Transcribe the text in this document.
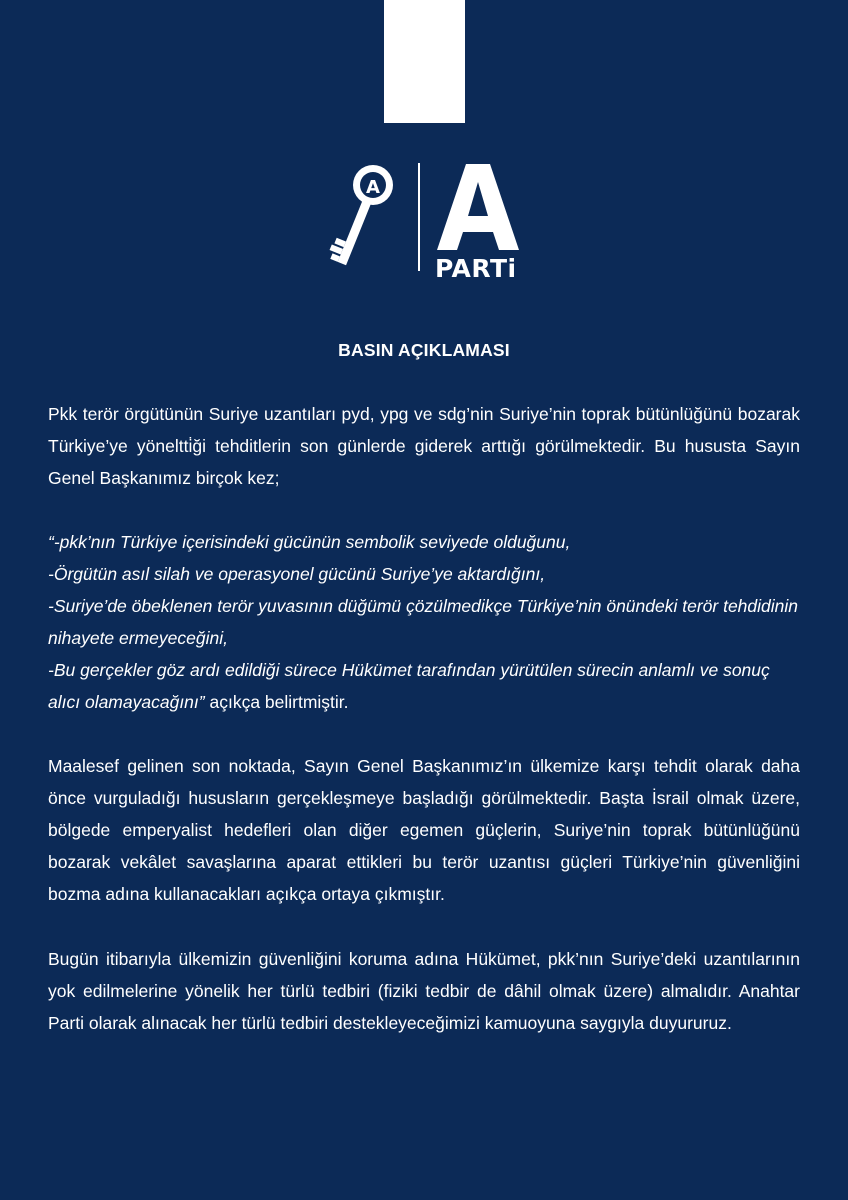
A
PARTi
BASIN AÇIKLAMASI

Pkk terör örgütünün Suriye uzantıları pyd, ypg ve sdg’nin Suriye’nin toprak bütünlüğünü bozarak Türkiye’ye yöneltti̇ği tehditlerin son günlerde giderek arttığı görülmektedir. Bu hususta Sayın Genel Başkanımız birçok kez;

“-pkk’nın Türkiye içerisindeki gücünün sembolik seviyede olduğunu,
-Örgütün asıl silah ve operasyonel gücünü Suriye’ye aktardığını,
-Suriye’de öbeklenen terör yuvasının düğümü çözülmedikçe Türkiye’nin önündeki terör tehdidinin nihayete ermeyeceğini,
-Bu gerçekler göz ardı edildiği sürece Hükümet tarafından yürütülen sürecin anlamlı ve sonuç alıcı olamayacağını” açıkça belirtmiştir.

Maalesef gelinen son noktada, Sayın Genel Başkanımız’ın ülkemize karşı tehdit olarak daha önce vurguladığı hususların gerçekleşmeye başladığı görülmektedir. Başta İsrail olmak üzere, bölgede emperyalist hedefleri olan diğer egemen güçlerin, Suriye’nin toprak bütünlüğünü bozarak vekâlet savaşlarına aparat ettikleri bu terör uzantısı güçleri Türkiye’nin güvenliğini bozma adına kullanacakları açıkça ortaya çıkmıştır.

Bugün itibarıyla ülkemizin güvenliğini koruma adına Hükümet, pkk’nın Suriye’deki uzantılarının yok edilmelerine yönelik her türlü tedbiri (fiziki tedbir de dâhil olmak üzere) almalıdır. Anahtar Parti olarak alınacak her türlü tedbiri destekleyeceğimizi kamuoyuna saygıyla duyururuz.
